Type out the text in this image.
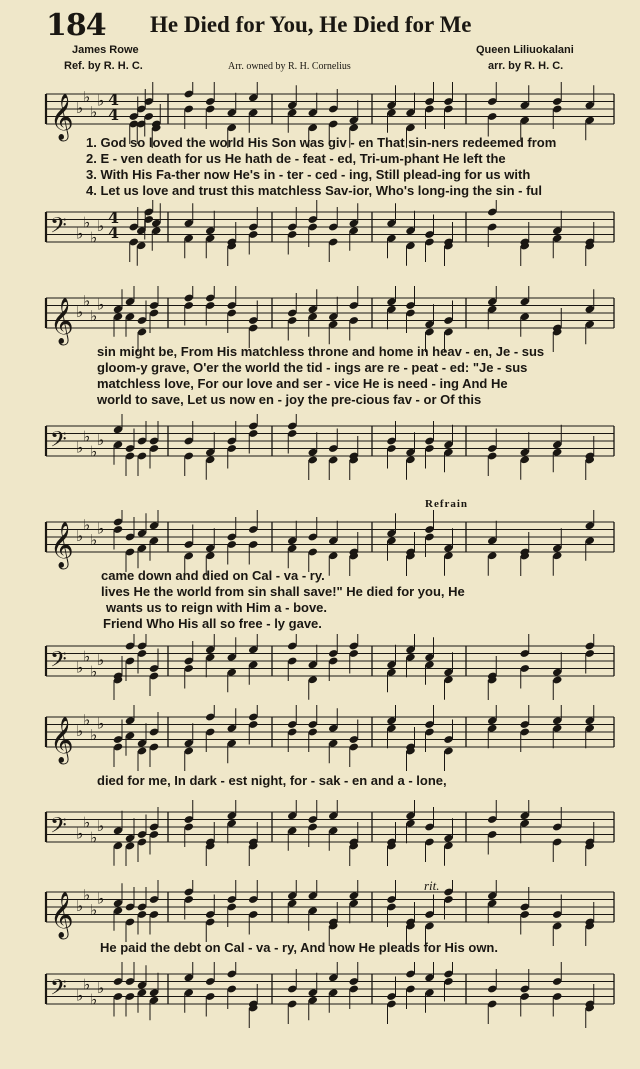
184 He Died for You, He Died for Me
James Rowe
Ref. by R. H. C.	Arr. owned by R. H. Cornelius
Queen Liliuokalani
arr. by R. H. C.
𝄞 ♭
♭
♭
♭ 4
4
1. God so loved the world His Son was giv - en That sin-ners redeemed from
2. E - ven death for us He hath de - feat - ed, Tri-um-phant He left the
3. With His Fa-ther now He's in - ter - ced - ing, Still plead-ing for us with
4. Let us love and trust this matchless Sav-ior, Who's long-ing the sin - ful
𝄢 ♭
♭
♭
♭ 4
4
𝄞 ♭
♭
♭
♭
sin might be, From His matchless throne and home in heav - en, Je - sus
gloom-y grave, O'er the world the tid - ings are re - peat - ed: "Je - sus
matchless love, For our love and ser - vice He is need - ing And He
world to save, Let us now en - joy the pre-cious fav - or Of this
𝄢 ♭
♭
♭
♭
Refrain
𝄞 ♭
♭
♭
♭
came down and died on Cal - va - ry.
lives He the world from sin shall save!" He died for you, He
wants us to reign with Him a - bove.
Friend Who His all so free - ly gave.
𝄢 ♭
♭
♭
♭
𝄞 ♭
♭
♭
♭
died for me, In dark - est night, for - sak - en and a - lone,
𝄢 ♭
♭
♭
♭
rit.
𝄞 ♭
♭
♭
♭
He paid the debt on Cal - va - ry, And now He pleads for His own.
𝄢 ♭
♭
♭
♭
